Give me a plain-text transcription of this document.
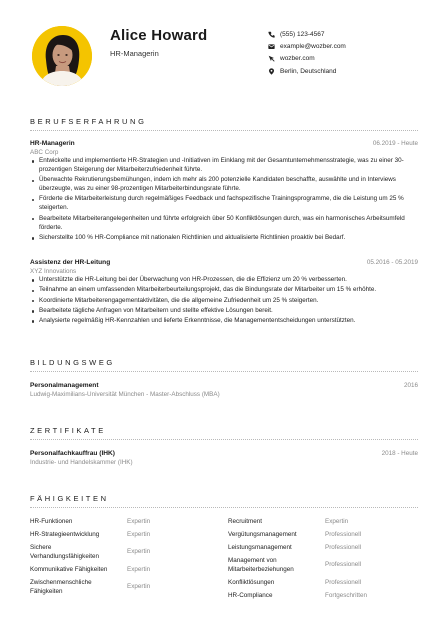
Alice Howard
HR-Managerin
(555) 123-4567
example@wozber.com
wozber.com
Berlin, Deutschland
BERUFSERFAHRUNG
HR-Managerin	06.2019 - Heute
ABC Corp
Entwickelte und implementierte HR-Strategien und -Initiativen im Einklang mit der Gesamtunternehmensstrategie, was zu einer 30-prozentigen Steigerung der Mitarbeiterzufriedenheit führte.
Überwachte Rekrutierungsbemühungen, indem ich mehr als 200 potenzielle Kandidaten beschaffte, auswählte und in Interviews überzeugte, was zu einer 98-prozentigen Mitarbeiterbindungsrate führte.
Förderte die Mitarbeiterleistung durch regelmäßiges Feedback und fachspezifische Trainingsprogramme, die die Leistung um 25 % steigerten.
Bearbeitete Mitarbeiterangelegenheiten und führte erfolgreich über 50 Konfliktlösungen durch, was ein harmonisches Arbeitsumfeld förderte.
Sicherstellte 100 % HR-Compliance mit nationalen Richtlinien und aktualisierte Richtlinien proaktiv bei Bedarf.
Assistenz der HR-Leitung	05.2016 - 05.2019
XYZ Innovations
Unterstützte die HR-Leitung bei der Überwachung von HR-Prozessen, die die Effizienz um 20 % verbesserten.
Teilnahme an einem umfassenden Mitarbeiterbeurteilungsprojekt, das die Bindungsrate der Mitarbeiter um 15 % erhöhte.
Koordinierte Mitarbeiterengagementaktivitäten, die die allgemeine Zufriedenheit um 25 % steigerten.
Bearbeitete tägliche Anfragen von Mitarbeitern und stellte effektive Lösungen bereit.
Analysierte regelmäßig HR-Kennzahlen und lieferte Erkenntnisse, die Managemententscheidungen unterstützten.
BILDUNGSWEG
Personalmanagement	2016
Ludwig-Maximilians-Universität München - Master-Abschluss (MBA)
ZERTIFIKATE
Personalfachkauffrau (IHK)	2018 - Heute
Industrie- und Handelskammer (IHK)
FÄHIGKEITEN
HR-Funktionen	Expertin
HR-Strategieentwicklung	Expertin
Sichere Verhandlungsfähigkeiten
Expertin
Kommunikative Fähigkeiten	Expertin
Zwischenmenschliche Fähigkeiten
Expertin
Recruitment	Expertin
Vergütungsmanagement	Professionell
Leistungsmanagement	Professionell
Management von Mitarbeiterbeziehungen
Professionell
Konfliktlösungen	Professionell
HR-Compliance	Fortgeschritten
